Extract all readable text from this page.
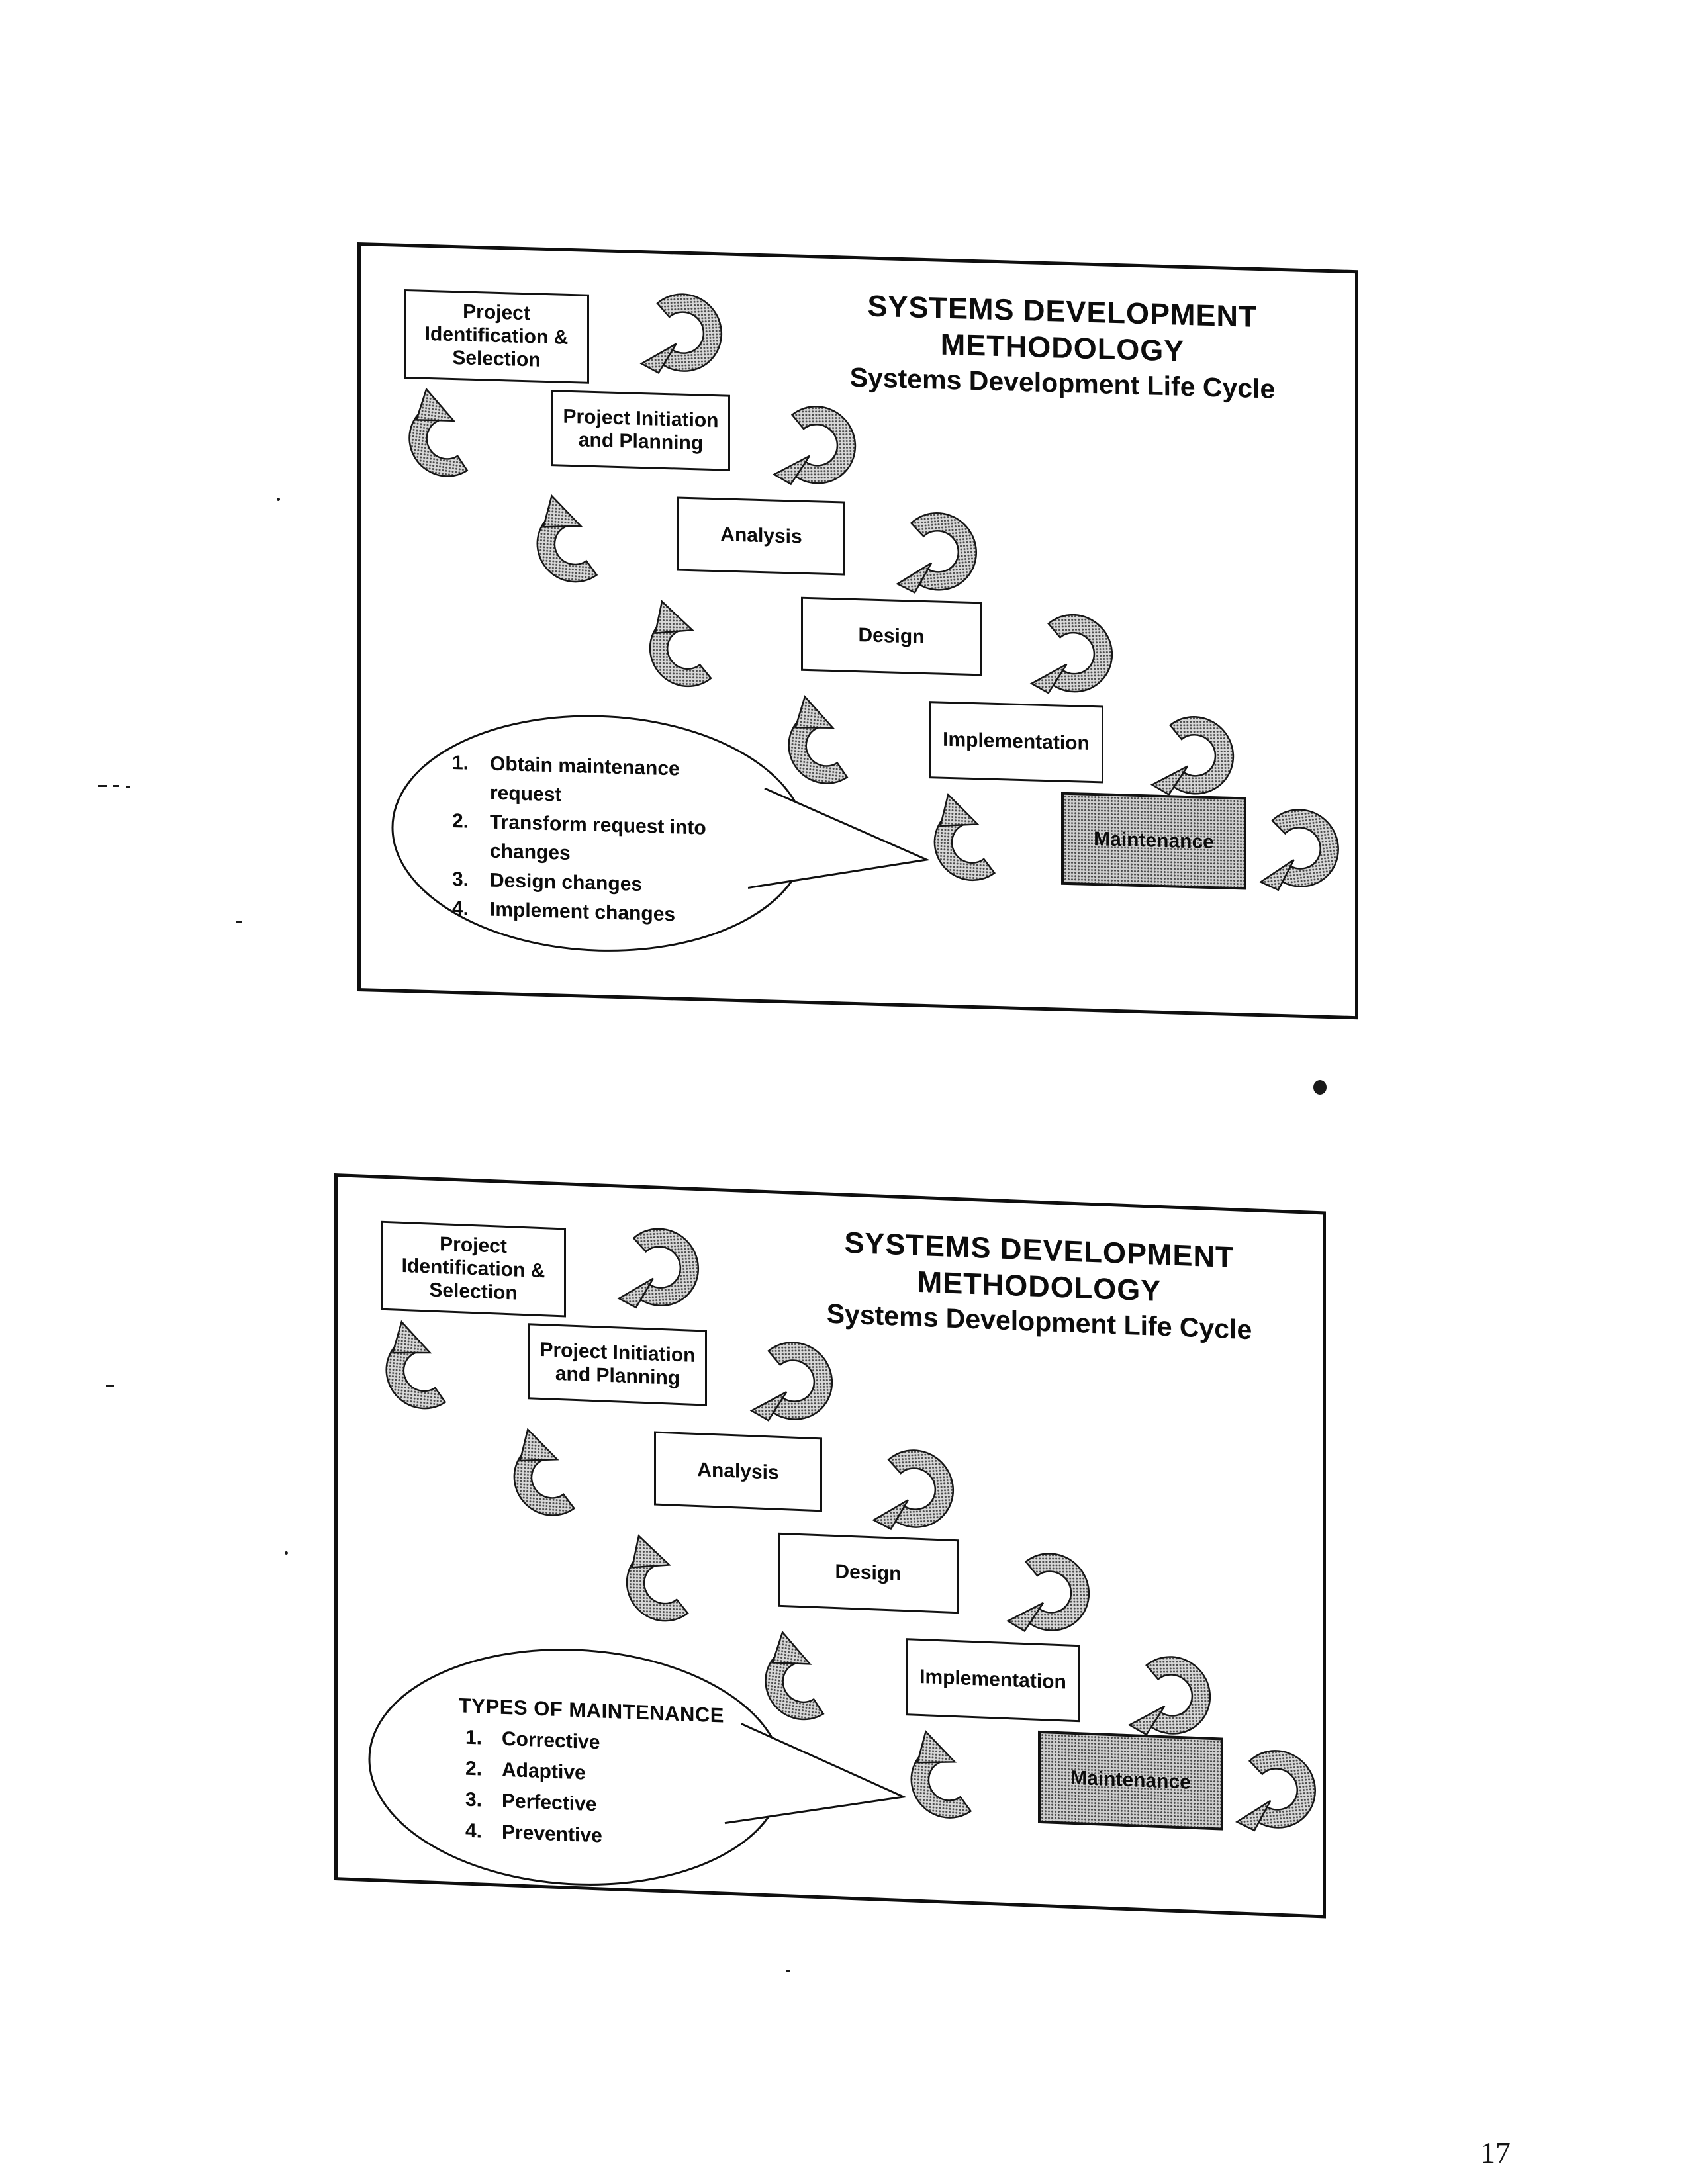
SYSTEMS DEVELOPMENT
METHODOLOGY
Systems Development Life Cycle
Project Identification & Selection
Project Initiation and Planning
Analysis
Design
Implementation
Maintenance
1.	Obtain maintenance request
2.	Transform request into changes
3.	Design changes
4.	Implement changes
SYSTEMS DEVELOPMENT
METHODOLOGY
Systems Development Life Cycle
Project Identification & Selection
Project Initiation and Planning
Analysis
Design
Implementation
Maintenance
TYPES OF MAINTENANCE
1. Corrective
2. Adaptive
3. Perfective
4. Preventive
17
